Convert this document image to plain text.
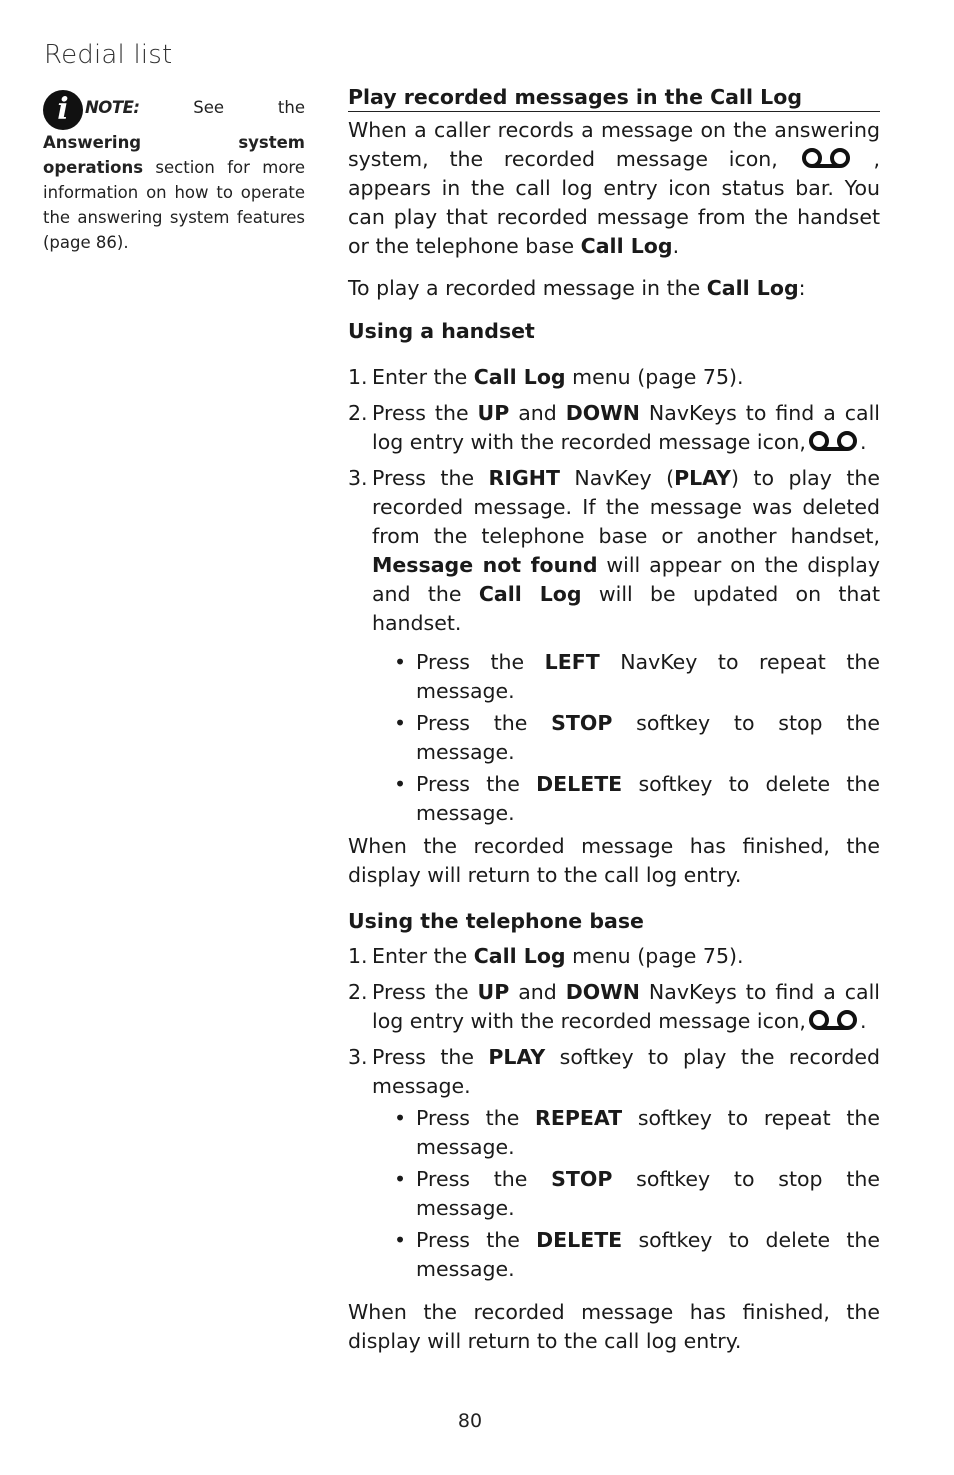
Redial list
i NOTE: See the Answering system operations section for more information on how to operate the answering system features (page 86).
Play recorded messages in the Call Log

When a caller records a message on the answering system, the recorded message icon,	, appears in the call log entry icon status bar. You can play that recorded message from the handset or the telephone base Call Log.

To play a recorded message in the Call Log:

Using a handset

1. Enter the Call Log menu (page 75).
2. Press the UP and DOWN NavKeys to find a call log entry with the recorded message icon,	.
3. Press the RIGHT NavKey (PLAY) to play the recorded message. If the message was deleted from the telephone base or another handset, Message not found will appear on the display and the Call Log will be updated on that handset.
• Press the LEFT NavKey to repeat the message.
• Press the STOP softkey to stop the message.
• Press the DELETE softkey to delete the message.

When the recorded message has finished, the display will return to the call log entry.

Using the telephone base

1. Enter the Call Log menu (page 75).
2. Press the UP and DOWN NavKeys to find a call log entry with the recorded message icon,	.
3. Press the PLAY softkey to play the recorded message.
• Press the REPEAT softkey to repeat the message.
• Press the STOP softkey to stop the message.
• Press the DELETE softkey to delete the message.

When the recorded message has finished, the display will return to the call log entry.

80
